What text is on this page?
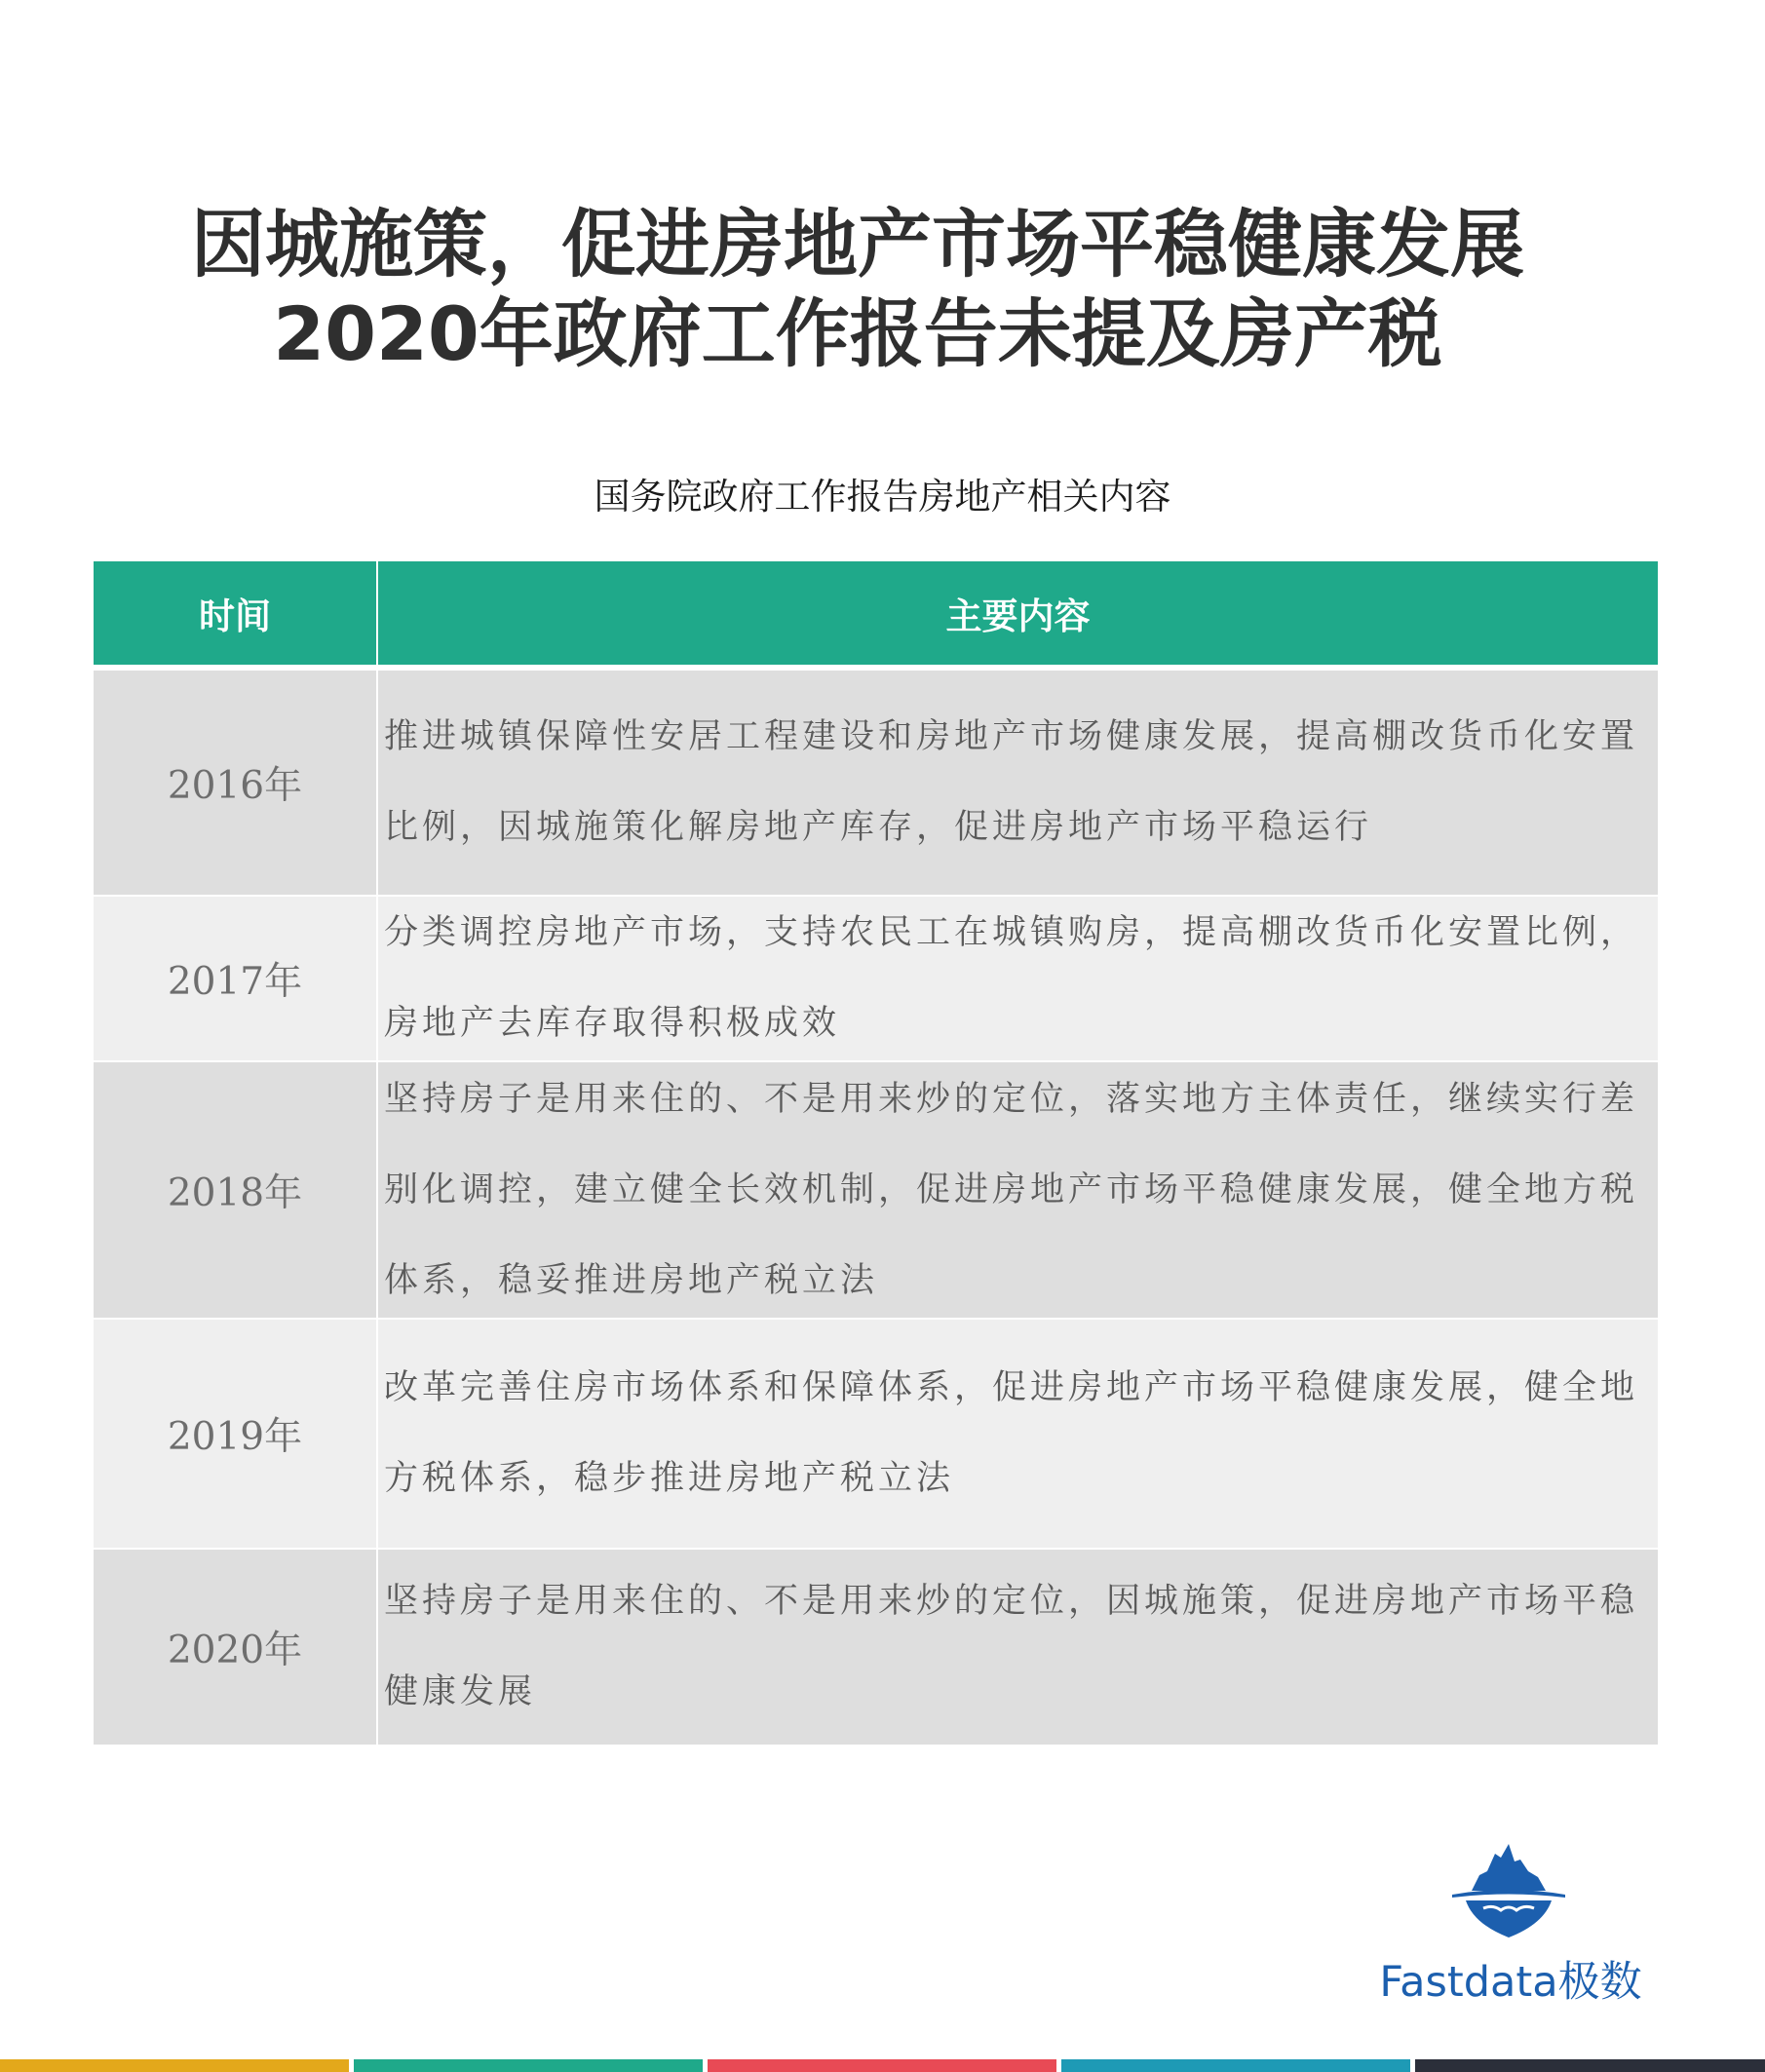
因城施策，促进房地产市场平稳健康发展
2020年政府工作报告未提及房产税
国务院政府工作报告房地产相关内容
时间	主要内容
2016年
推进城镇保障性安居工程建设和房地产市场健康发展，提高棚改货币化安置比例，因城施策化解房地产库存，促进房地产市场平稳运行
2017年
分类调控房地产市场，支持农民工在城镇购房，提高棚改货币化安置比例，房地产去库存取得积极成效
2018年
坚持房子是用来住的、不是用来炒的定位，落实地方主体责任，继续实行差别化调控，建立健全长效机制，促进房地产市场平稳健康发展，健全地方税体系，稳妥推进房地产税立法
2019年
改革完善住房市场体系和保障体系，促进房地产市场平稳健康发展，健全地方税体系，稳步推进房地产税立法
2020年
坚持房子是用来住的、不是用来炒的定位，因城施策，促进房地产市场平稳健康发展
Fastdata极数
